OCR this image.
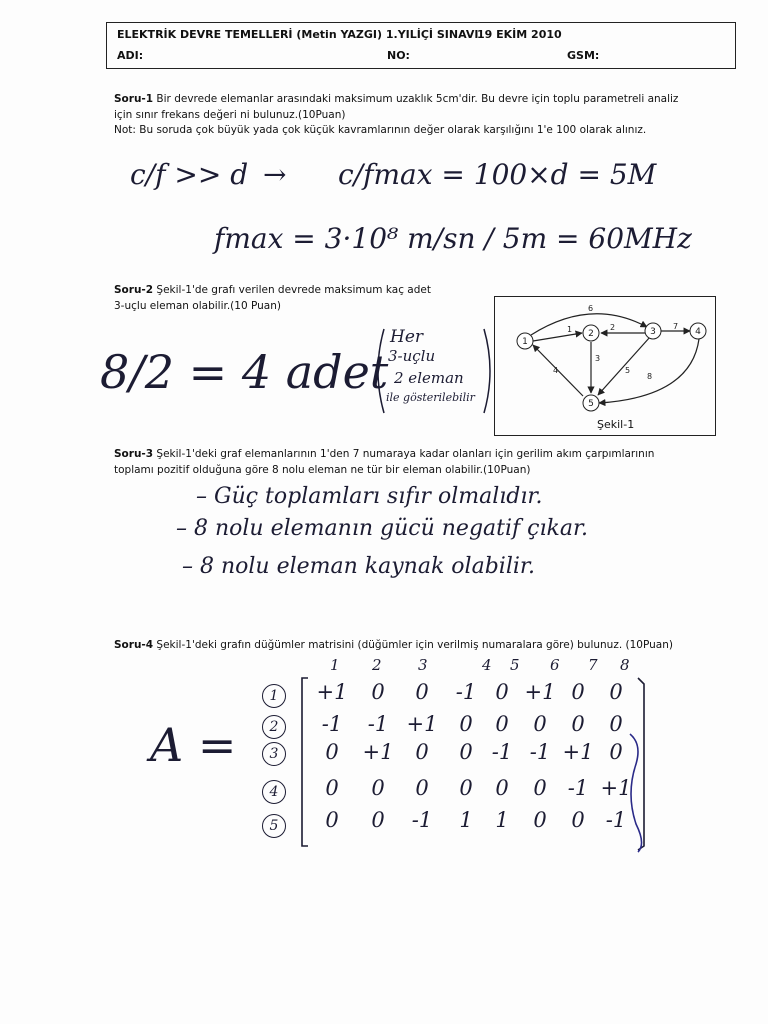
ELEKTRİK DEVRE TEMELLERİ (Metin YAZGI) 1.YILİÇİ SINAVI
19 EKİM 2010
ADI:	NO:	GSM:
Soru-1 Bir devrede elemanlar arasındaki maksimum uzaklık 5cm'dir. Bu devre için toplu parametreli analiz
için sınır frekans değeri ni bulunuz.(10Puan)
Not: Bu soruda çok büyük yada çok küçük kavramlarının değer olarak karşılığını 1'e 100 olarak alınız.
c/f >> d → c/fmax = 100×d = 5M
fmax = 3·10⁸ m/sn / 5m = 60MHz
Soru-2 Şekil-1'de grafı verilen devrede maksimum kaç adet
3-uçlu eleman olabilir.(10 Puan)
8/2 = 4 adet
Her
3-uçlu
2 eleman
ile gösterilebilir
1	2
3
4	5
6
7
8
1
2	3	4
5
Şekil-1
Soru-3 Şekil-1'deki graf elemanlarının 1'den 7 numaraya kadar olanları için gerilim akım çarpımlarının
toplamı pozitif olduğuna göre 8 nolu eleman ne tür bir eleman olabilir.(10Puan)
– Güç toplamları sıfır olmalıdır.
– 8 nolu elemanın gücü negatif çıkar.
– 8 nolu eleman kaynak olabilir.
Soru-4 Şekil-1'deki grafın düğümler matrisini (düğümler için verilmiş numaralara göre) bulunuz. (10Puan)
A =
1 2 3	4 5 6 7 8
1
2
3
4
5
+1	0	0	-1 0 +1 0	0
-1	-1 +1	0	0	0	0	0
0	+1	0	0 -1 -1 +1 0
0	0	0	0	0	0	-1 +1
0	0	-1	1	1	0	0	-1
